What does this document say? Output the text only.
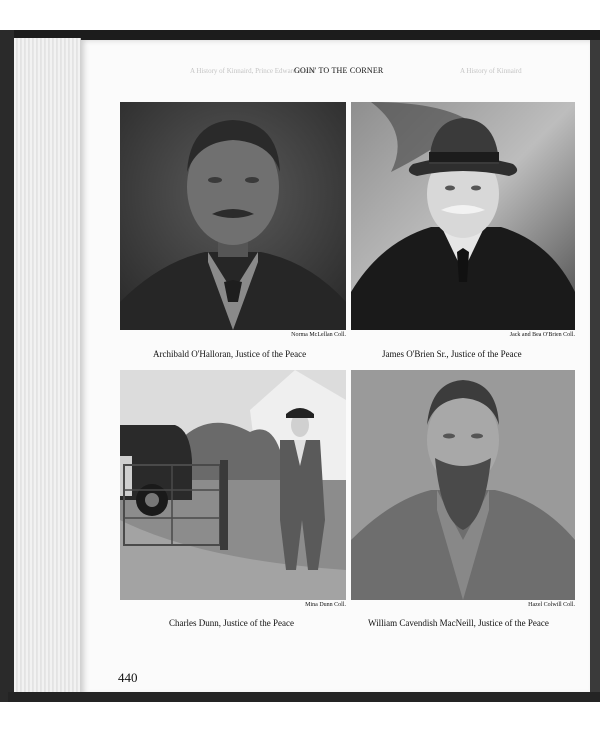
A History of Kinnaird, Prince Edward Island	A History of Kinnaird
GOIN' TO THE CORNER
Norma McLellan Coll.
Archibald O'Halloran, Justice of the Peace
Jack and Bea O'Brien Coll.
James O'Brien Sr., Justice of the Peace
Mina Dunn Coll.
Charles Dunn, Justice of the Peace
Hazel Colwill Coll.
William Cavendish MacNeill, Justice of the Peace
440
